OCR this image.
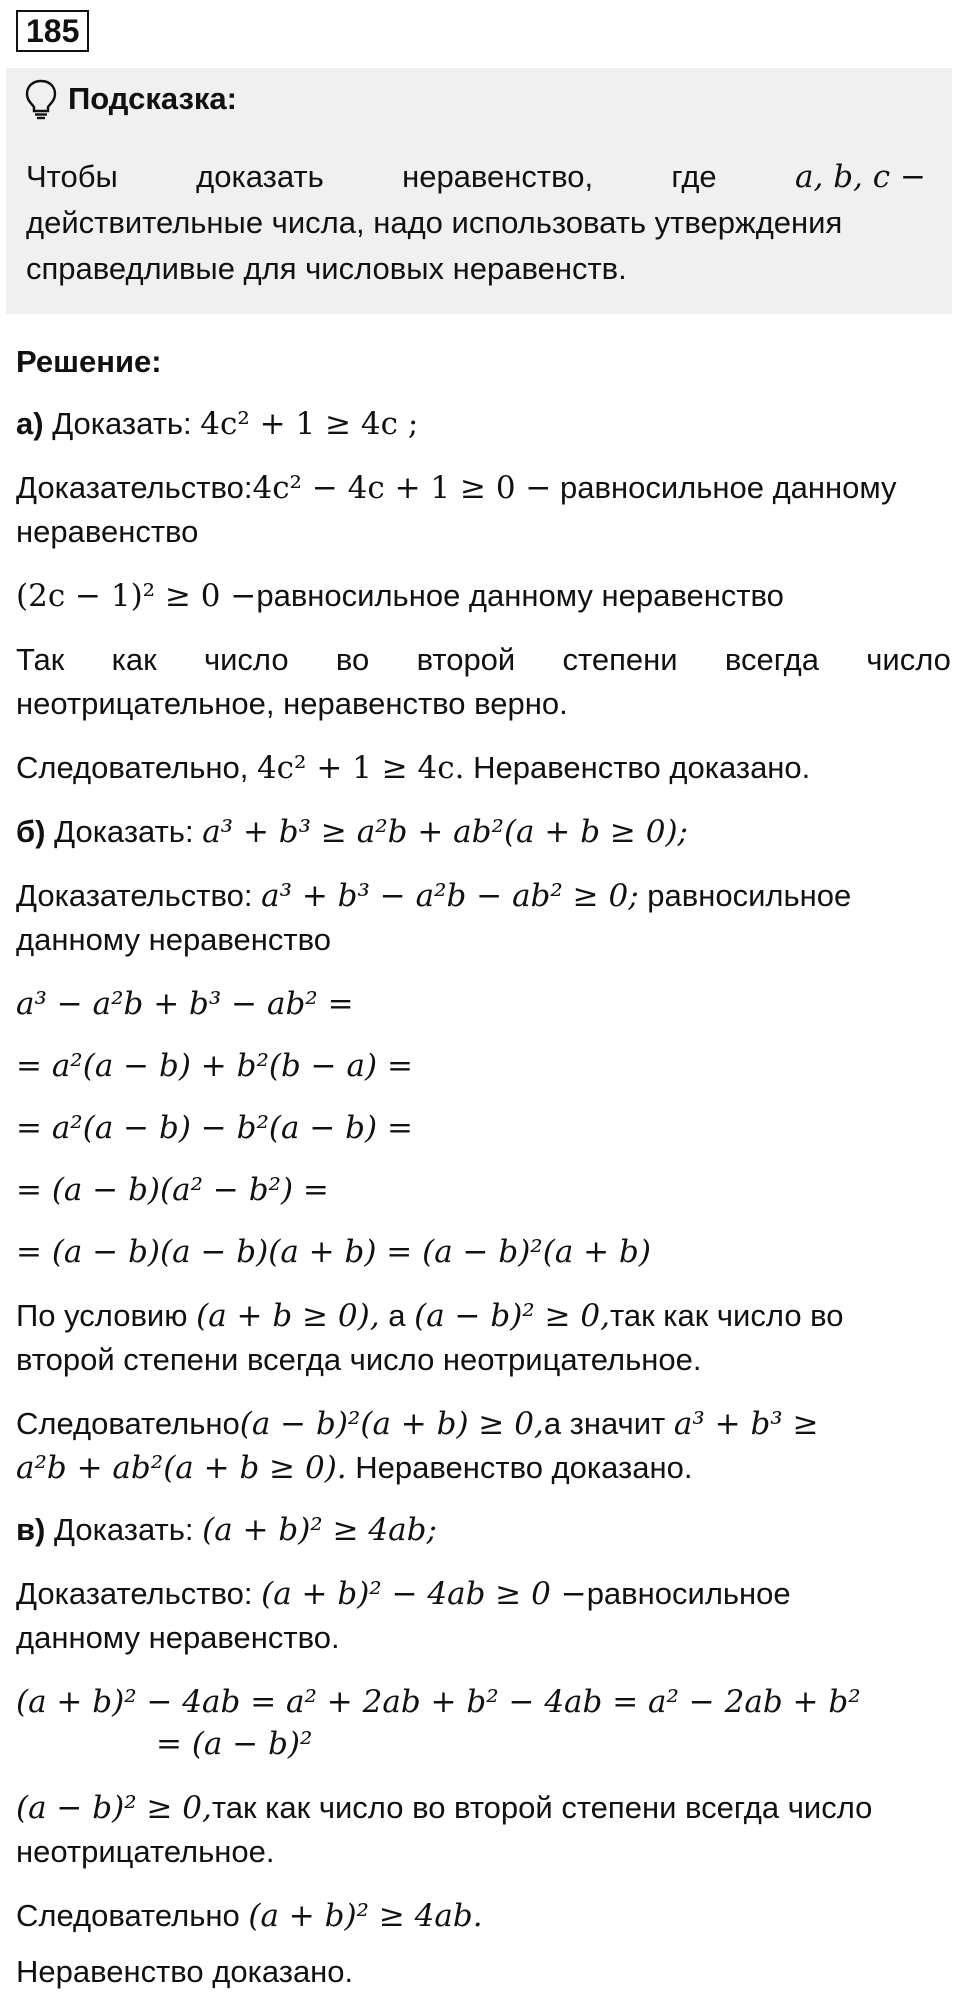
185
Подсказка:
Чтобы	доказать	неравенство,	где	a, b, c −
действительные числа, надо использовать утверждения
справедливые для числовых неравенств.
Решение:
а) Доказать: 4c² + 1 ≥ 4c ;
Доказательство:4c² − 4c + 1 ≥ 0 − равносильное данному
неравенство
(2c − 1)² ≥ 0 −равносильное данному неравенство
Так как число во второй степени всегда число
неотрицательное, неравенство верно.
Следовательно, 4c² + 1 ≥ 4c. Неравенство доказано.
б) Доказать: a³ + b³ ≥ a²b + ab²(a + b ≥ 0);
Доказательство: a³ + b³ − a²b − ab² ≥ 0; равносильное
данному неравенство
a³ − a²b + b³ − ab² =
= a²(a − b) + b²(b − a) =
= a²(a − b) − b²(a − b) =
= (a − b)(a² − b²) =
= (a − b)(a − b)(a + b) = (a − b)²(a + b)
По условию (a + b ≥ 0), а (a − b)² ≥ 0,так как число во
второй степени всегда число неотрицательное.
Следовательно(a − b)²(a + b) ≥ 0,а значит a³ + b³ ≥
a²b + ab²(a + b ≥ 0). Неравенство доказано.
в) Доказать: (a + b)² ≥ 4ab;
Доказательство: (a + b)² − 4ab ≥ 0 −равносильное
данному неравенство.
(a + b)² − 4ab = a² + 2ab + b² − 4ab = a² − 2ab + b²
= (a − b)²
(a − b)² ≥ 0,так как число во второй степени всегда число
неотрицательное.
Следовательно (a + b)² ≥ 4ab.
Неравенство доказано.
